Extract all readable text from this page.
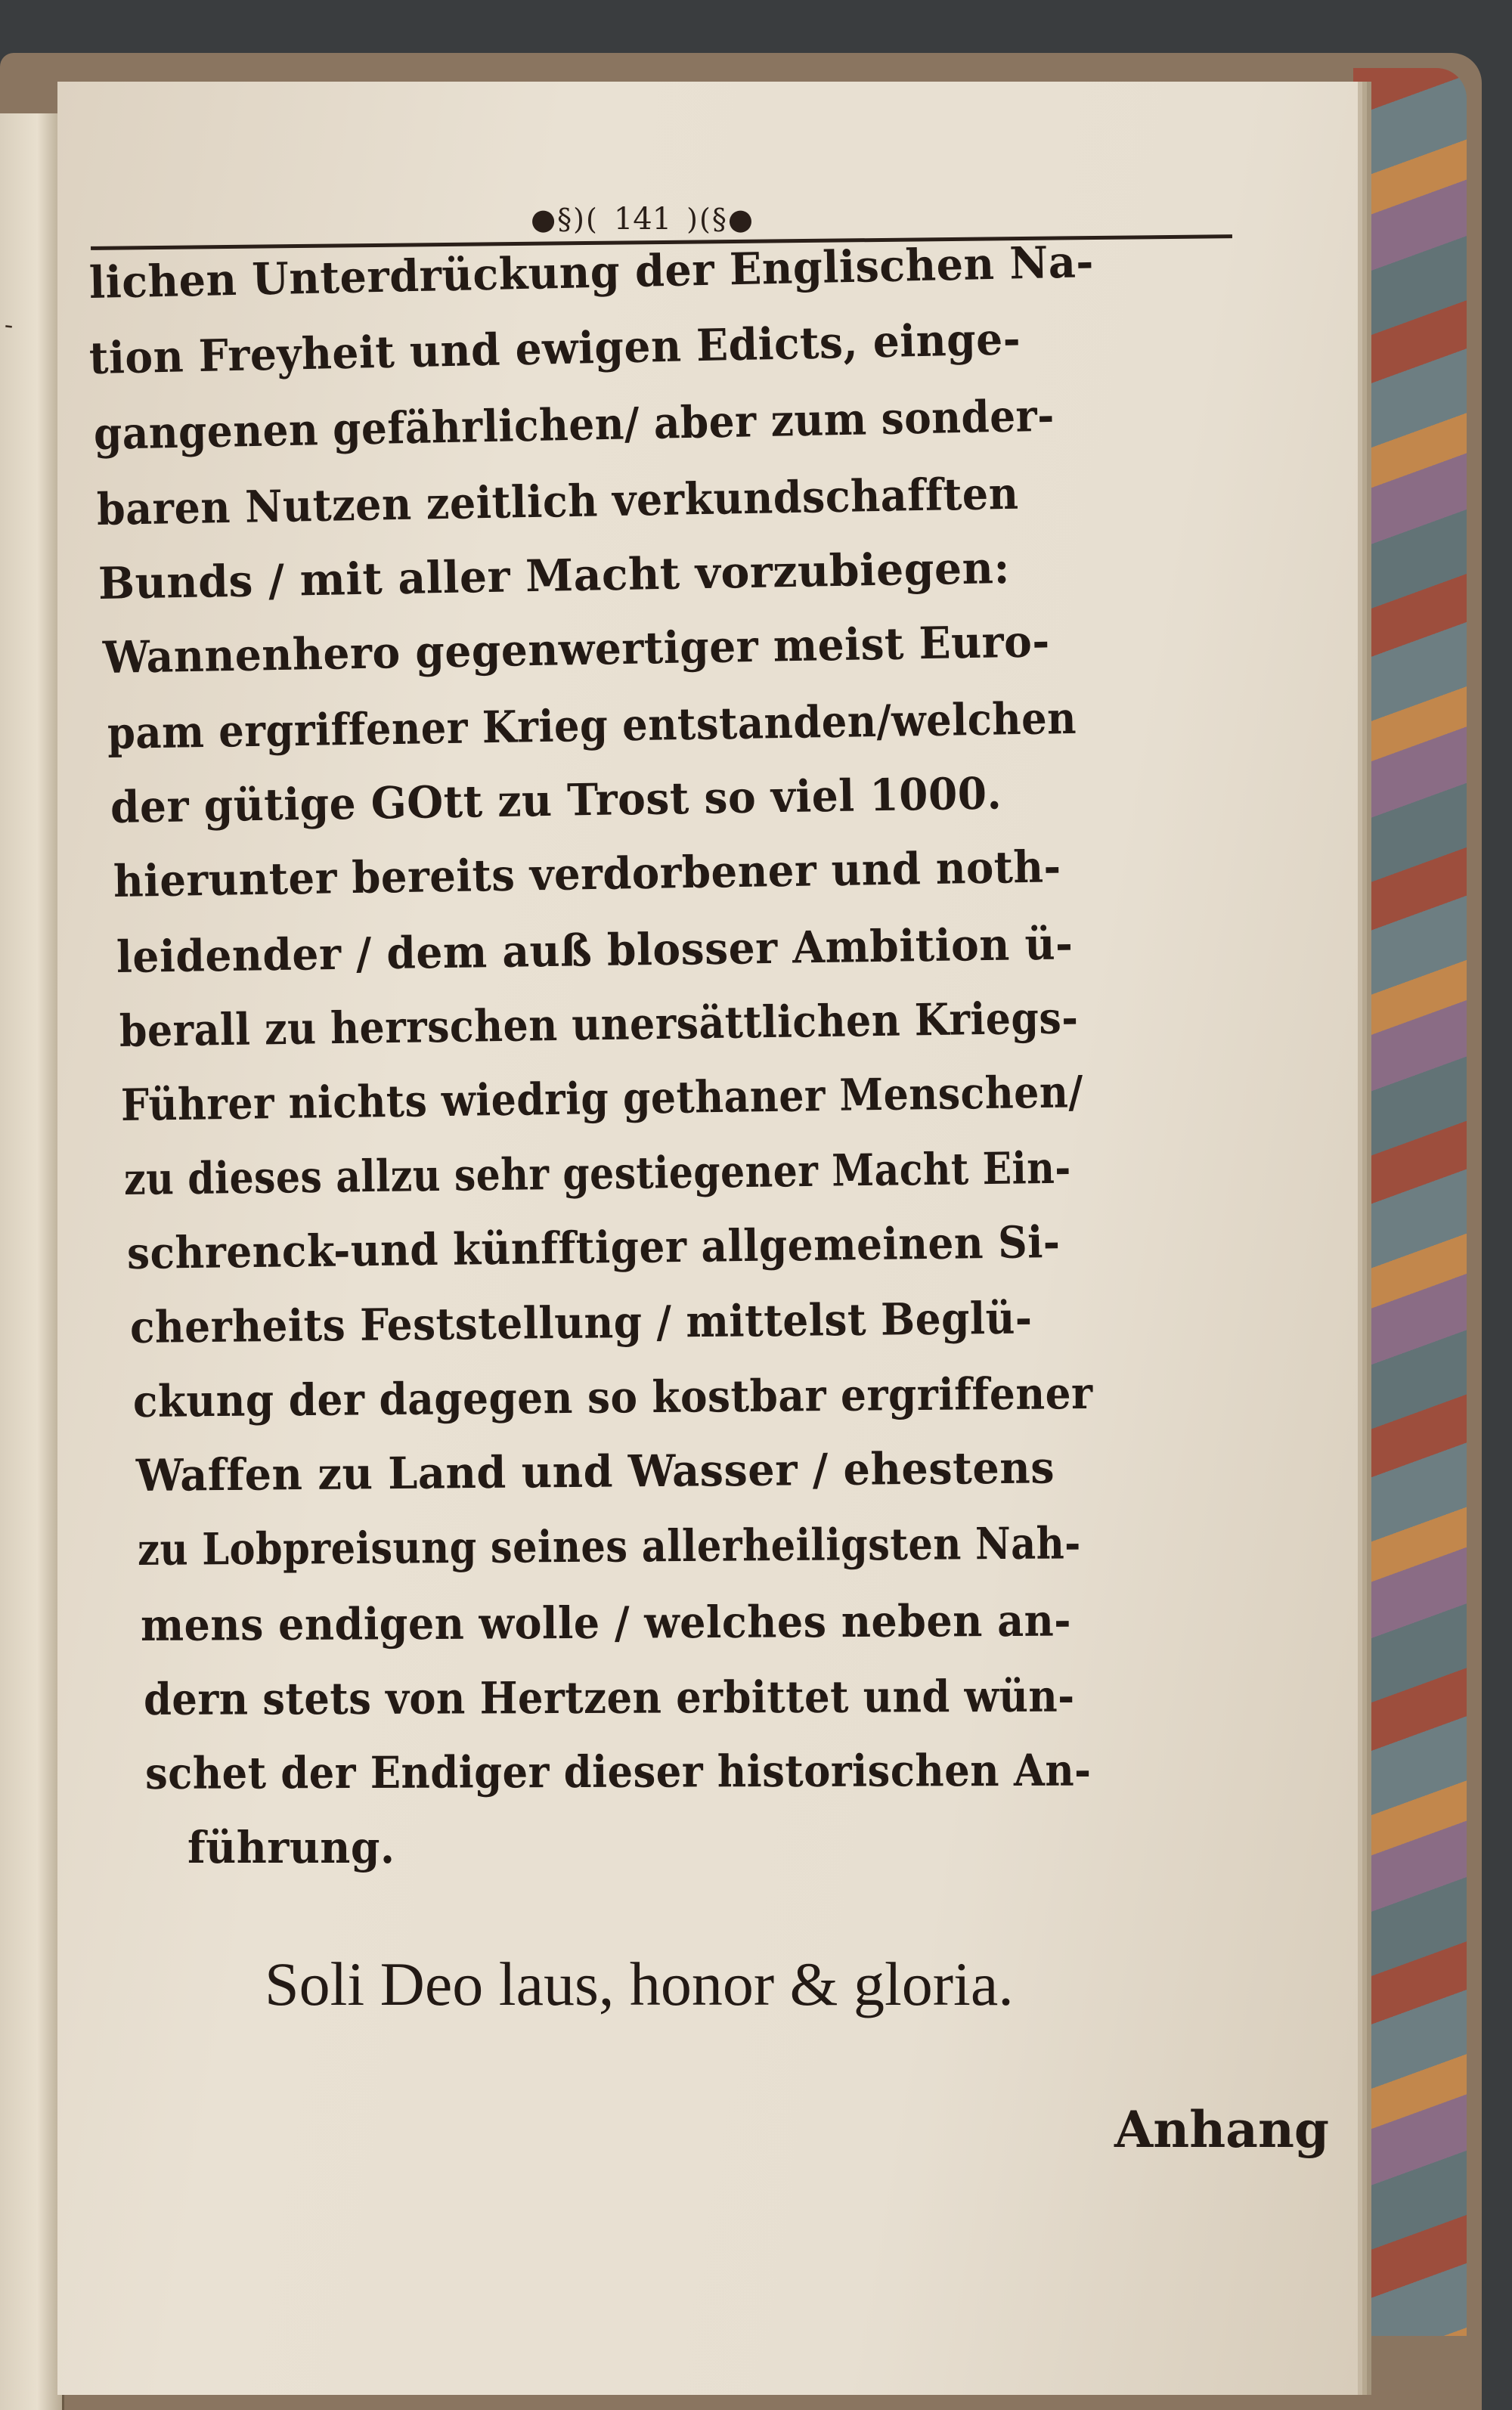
‑
●§)( 141 )(§●
lichen Unterdrückung der Englischen Na-
tion Freyheit und ewigen Edicts, einge-
gangenen gefährlichen/ aber zum sonder-
baren Nutzen zeitlich verkundschafften
Bunds / mit aller Macht vorzubiegen:
Wannenhero gegenwertiger meist Euro-
pam ergriffener Krieg entstanden/welchen
der gütige GOtt zu Trost so viel 1000.
hierunter bereits verdorbener und noth-
leidender / dem auß blosser Ambition ü-
berall zu herrschen unersättlichen Kriegs-
Führer nichts wiedrig gethaner Menschen/
zu dieses allzu sehr gestiegener Macht Ein-
schrenck-und künfftiger allgemeinen Si-
cherheits Feststellung / mittelst Beglü-
ckung der dagegen so kostbar ergriffener
Waffen zu Land und Wasser / ehestens
zu Lobpreisung seines allerheiligsten Nah-
mens endigen wolle / welches neben an-
dern stets von Hertzen erbittet und wün-
schet der Endiger dieser historischen An-
führung.
Soli Deo laus, honor & gloria.
Anhang
